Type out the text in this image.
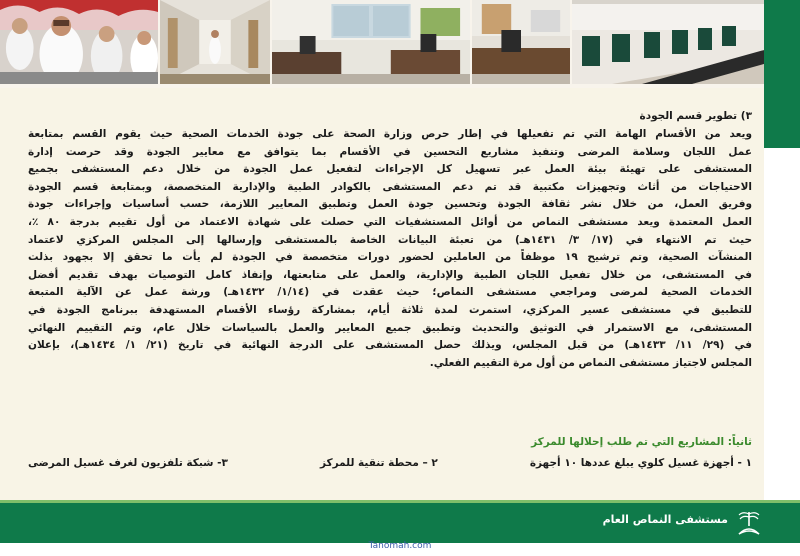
٣) تطوير قسم الجودة
ويعد من الأقسام الهامة التي تم تفعيلها في إطار حرص وزارة الصحة على جودة الخدمات الصحية حيث يقوم القسم بمتابعة
عمل اللجان وسلامة المرضى وتنفيذ مشاريع التحسين في الأقسام بما يتوافق مع معايير الجودة وقد حرصت إدارة
المستشفى على تهيئة بيئة العمل عبر تسهيل كل الإجراءات لتفعيل عمل الجودة من خلال دعم المستشفى بجميع
الاحتياجات من أثاث وتجهيزات مكتبية قد تم دعم المستشفى بالكوادر الطبية والإدارية المتخصصة، وبمتابعة قسم الجودة
وفريق العمل، من خلال نشر ثقافة الجودة وتحسين جودة العمل وتطبيق المعايير اللازمة، حسب أساسيات وإجراءات جودة
العمل المعتمدة ويعد مستشفى النماص من أوائل المستشفيات التي حصلت على شهادة الاعتماد من أول تقييم بدرجة ٨٠ ٪،
حيث تم الانتهاء في (١٧/ ٣/ ١٤٣١هـ) من تعبئة البيانات الخاصة بالمستشفى وإرسالها إلى المجلس المركزي لاعتماد
المنشآت الصحية، وتم ترشيح ١٩ موظفاً من العاملين لحضور دورات متخصصة في الجودة لم يأت ما تحقق إلا بجهود بذلت
في المستشفى، من خلال تفعيل اللجان الطبية والإدارية، والعمل على متابعتها، وإنفاذ كامل التوصيات بهدف تقديم أفضل
الخدمات الصحية لمرضى ومراجعي مستشفى النماص؛ حيث عقدت في (١/١٤/ ١٤٣٢هـ) ورشة عمل عن الآلية المتبعة
للتطبيق في مستشفى عسير المركزي، استمرت لمدة ثلاثة أيام، بمشاركة رؤساء الأقسام المستهدفة ببرنامج الجودة في
المستشفى، مع الاستمرار في التوثيق والتحديث وتطبيق جميع المعايير والعمل بالسياسات خلال عام، وتم التقييم النهائي
في (٢٩/ ١١/ ١٤٣٣هـ) من قبل المجلس، ويذلك حصل المستشفى على الدرجة النهائية في تاريخ (٢١/ ١/ ١٤٣٤هـ)، بإعلان
المجلس لاجتياز مستشفى النماص من أول مرة التقييم الفعلي.
ثانياً: المشاريع التي تم طلب إحلالها للمركز
١ - أجهزة غسيل كلوي يبلغ عددها ١٠ أجهزة
٢ – محطة تنقية للمركز
٣- شبكة تلفزيون لغرف غسيل المرضى
مستشفى النماص العام
Tanomah.com
